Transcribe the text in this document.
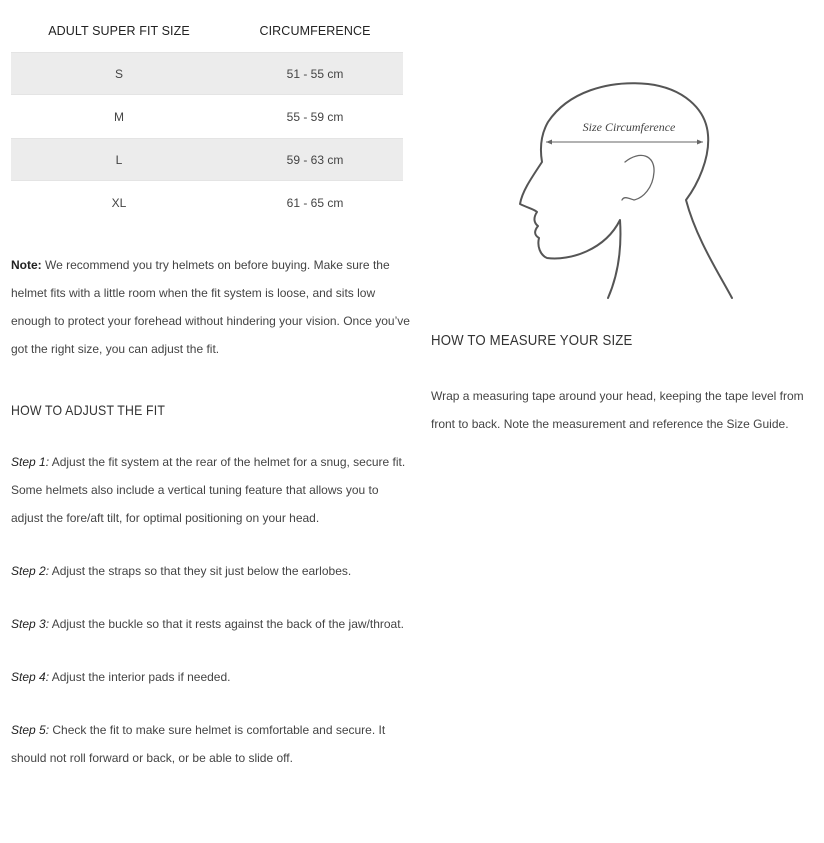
ADULT SUPER FIT SIZE	CIRCUMFERENCE
S	51 - 55 cm
M	55 - 59 cm
L	59 - 63 cm
XL	61 - 65 cm
Note: We recommend you try helmets on before buying. Make sure the helmet fits with a little room when the fit system is loose, and sits low enough to protect your forehead without hindering your vision. Once you’ve got the right size, you can adjust the fit.
HOW TO ADJUST THE FIT
Step 1: Adjust the fit system at the rear of the helmet for a snug, secure fit. Some helmets also include a vertical tuning feature that allows you to adjust the fore/aft tilt, for optimal positioning on your head.
Step 2: Adjust the straps so that they sit just below the earlobes.
Step 3: Adjust the buckle so that it rests against the back of the jaw/throat.
Step 4: Adjust the interior pads if needed.
Step 5: Check the fit to make sure helmet is comfortable and secure. It should not roll forward or back, or be able to slide off.
Size Circumference
HOW TO MEASURE YOUR SIZE
Wrap a measuring tape around your head, keeping the tape level from front to back. Note the measurement and reference the Size Guide.
